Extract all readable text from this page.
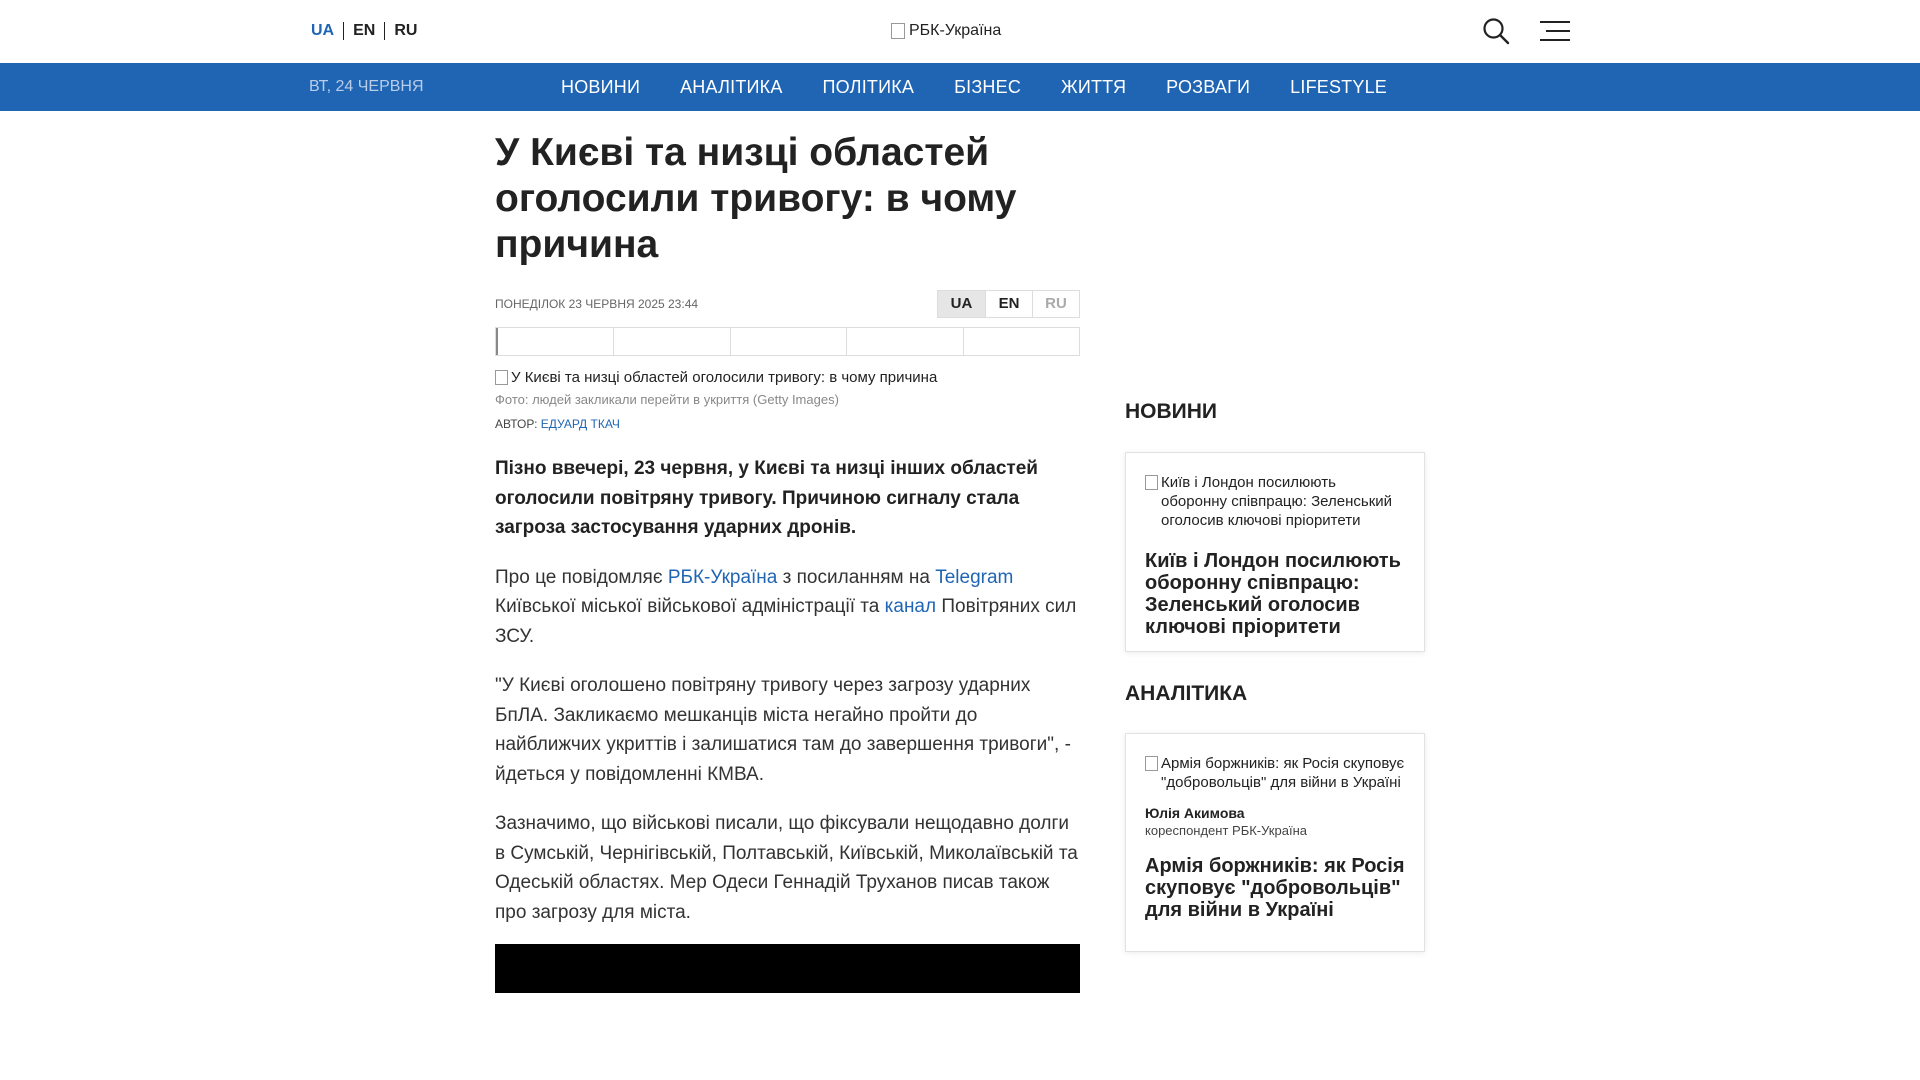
UA	EN	RU	РБК-Україна
ВТ, 24 ЧЕРВНЯ	НОВИНИ	АНАЛІТИКА	ПОЛІТИКА	БІЗНЕС	ЖИТТЯ	РОЗВАГИ	LIFESTYLE
У Києві та низці областей оголосили тривогу: в чому причина
ПОНЕДІЛОК 23 ЧЕРВНЯ 2025 23:44	UA	EN	RU
У Києві та низці областей оголосили тривогу: в чому причина
Фото: людей закликали перейти в укриття (Getty Images)
АВТОР: ЕДУАРД ТКАЧ

Пізно ввечері, 23 червня, у Києві та низці інших областей оголосили повітряну тривогу. Причиною сигналу стала загроза застосування ударних дронів.

Про це повідомляє РБК-Україна з посиланням на Telegram Київської міської військової адміністрації та канал Повітряних сил ЗСУ.

"У Києві оголошено повітряну тривогу через загрозу ударних БпЛА. Закликаємо мешканців міста негайно пройти до найближчих укриттів і залишатися там до завершення тривоги", - йдеться у повідомленні КМВА.

Зазначимо, що військові писали, що фіксували нещодавно долги в Сумській, Чернігівській, Полтавській, Київській, Миколаївській та Одеській областях. Мер Одеси Геннадій Труханов писав також про загрозу для міста.

НОВИНИ
Київ і Лондон посилюють оборонну співпрацю: Зеленський оголосив ключові пріоритети
Київ і Лондон посилюють оборонну співпрацю: Зеленський оголосив ключові пріоритети
АНАЛІТИКА
Армія боржників: як Росія скуповує "добровольців" для війни в Україні
Юлія Акимова
кореспондент РБК-Україна
Армія боржників: як Росія скуповує "добровольців" для війни в Україні
